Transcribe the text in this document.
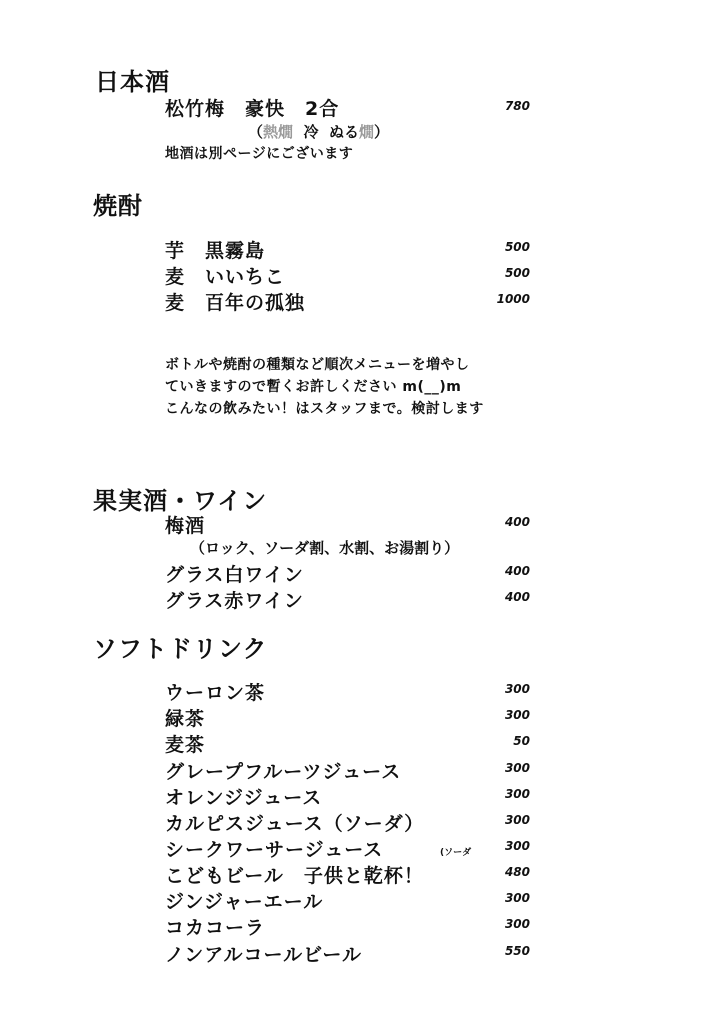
日本酒
松竹梅　豪快　2合	780
（熱燗 冷 ぬる燗）
地酒は別ページにございます
焼酎
芋　黒霧島	500
麦　いいちこ	500
麦　百年の孤独	1000
ボトルや焼酎の種類など順次メニューを増やし
ていきますので暫くお許しください m(__)m
こんなの飲みたい！はスタッフまで。検討します
果実酒・ワイン
梅酒	400
（ロック、ソーダ割、水割、お湯割り）
グラス白ワイン	400
グラス赤ワイン	400
ソフトドリンク
ウーロン茶	300
緑茶	300
麦茶	50
グレープフルーツジュース	300
オレンジジュース	300
カルピスジュース（ソーダ）	300
シークワーサージュース	(ソーダ	300
こどもビール　子供と乾杯！	480
ジンジャーエール	300
コカコーラ	300
ノンアルコールビール	550
